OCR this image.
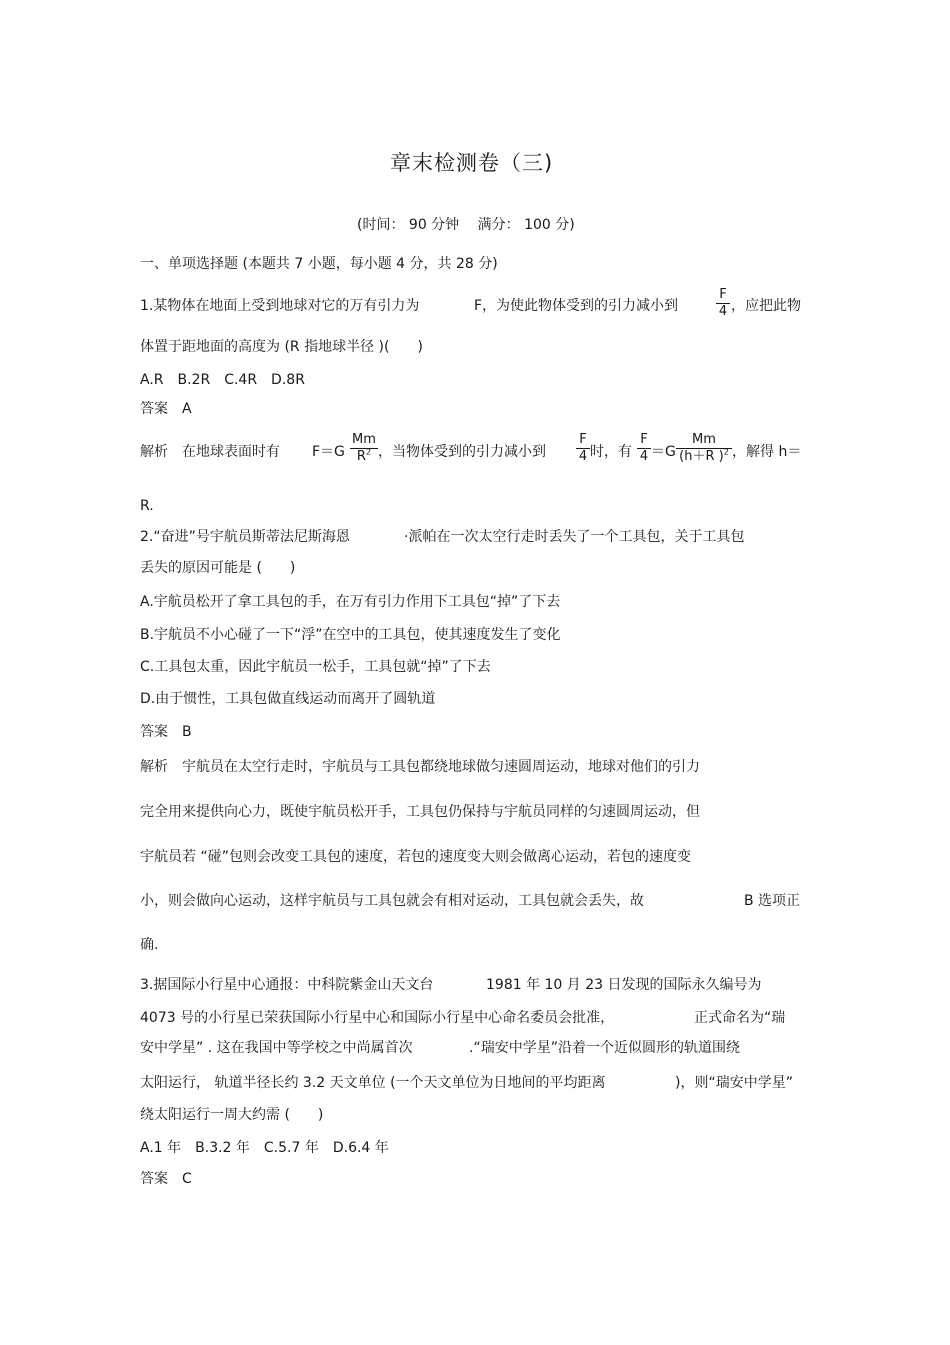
章末检测卷（三)
(时间： 90 分钟　 满分： 100 分)
一、单项选择题 (本题共 7 小题，每小题 4 分，共 28 分)
1.某物体在地面上受到地球对它的万有引力为	F，为使此物体受到的引力减小到
F
4 ，应把此物
体置于距地面的高度为 (R 指地球半径 )(　　)
A.R　B.2R　C.4R　D.8R
答案　A
解析　在地球表面时有 F＝G
Mm
$R^2$ ，当物体受到的引力减小到
F
4 时，有
F
4 ＝G
Mm
(h＋R )$^2$ ，解得 h＝
R.
2.“奋进”号宇航员斯蒂法尼斯海恩	·派帕在一次太空行走时丢失了一个工具包，关于工具包
丢失的原因可能是 (　　)
A.宇航员松开了拿工具包的手，在万有引力作用下工具包“掉”了下去
B.宇航员不小心碰了一下“浮”在空中的工具包，使其速度发生了变化
C.工具包太重，因此宇航员一松手，工具包就“掉”了下去
D.由于惯性，工具包做直线运动而离开了圆轨道
答案　B
解析　宇航员在太空行走时，宇航员与工具包都绕地球做匀速圆周运动，地球对他们的引力
完全用来提供向心力，既使宇航员松开手，工具包仍保持与宇航员同样的匀速圆周运动，但
宇航员若 “碰”包则会改变工具包的速度，若包的速度变大则会做离心运动，若包的速度变
小，则会做向心运动，这样宇航员与工具包就会有相对运动，工具包就会丢失，故	B 选项正
确.
3.据国际小行星中心通报：中科院紫金山天文台	1981 年 10 月 23 日发现的国际永久编号为
4073 号的小行星已荣获国际小行星中心和国际小行星中心命名委员会批准，	正式命名为“瑞
安中学星” . 这在我国中等学校之中尚属首次	.“瑞安中学星”沿着一个近似圆形的轨道围绕
太阳运行， 轨道半径长约 3.2 天文单位 (一个天文单位为日地间的平均距离	)，则“瑞安中学星”
绕太阳运行一周大约需 (　　)
A.1 年　B.3.2 年　C.5.7 年　D.6.4 年
答案　C
